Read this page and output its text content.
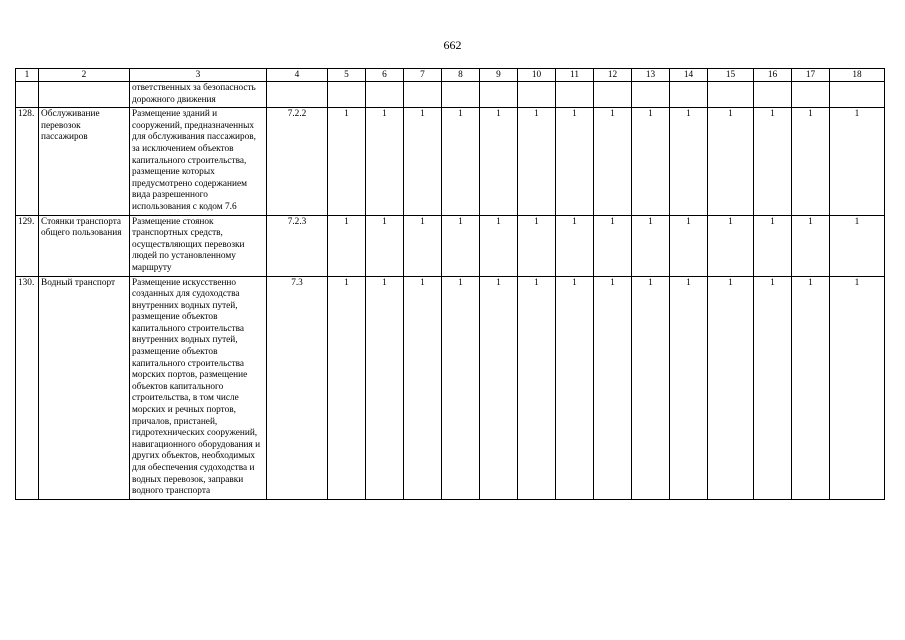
662
1	2	3	4	5	6	7	8	9	10	11	12	13	14	15	16	17	18
		ответственных за безопасность дорожного движения															
128.	Обслуживание перевозок пассажиров	Размещение зданий и сооружений, предназначенных для обслуживания пассажиров, за исключением объектов капитального строительства, размещение которых предусмотрено содержанием вида разрешенного использования с кодом 7.6	7.2.2	1	1	1	1	1	1	1	1	1	1	1	1	1	1
129.	Стоянки транспорта общего пользования	Размещение стоянок транспортных средств, осуществляющих перевозки людей по установленному маршруту	7.2.3	1	1	1	1	1	1	1	1	1	1	1	1	1	1
130.	Водный транспорт	Размещение искусственно созданных для судоходства внутренних водных путей, размещение объектов капитального строительства внутренних водных путей, размещение объектов капитального строительства морских портов, размещение объектов капитального строительства, в том числе морских и речных портов, причалов, пристаней, гидротехнических сооружений, навигационного оборудования и других объектов, необходимых для обеспечения судоходства и водных перевозок, заправки водного транспорта	7.3	1	1	1	1	1	1	1	1	1	1	1	1	1	1
